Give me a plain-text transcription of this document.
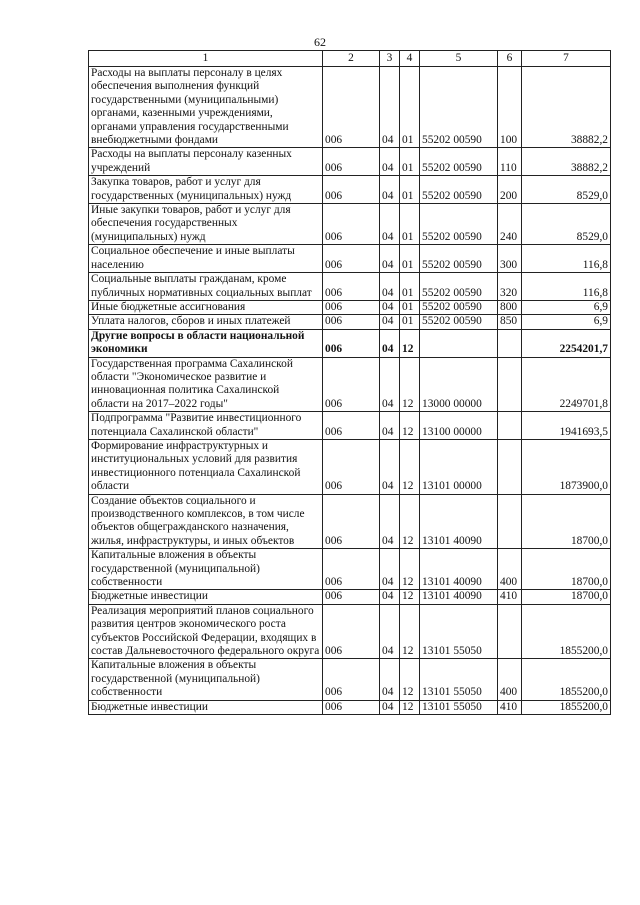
62
1	2	3	4	5	6	7
Расходы на выплаты персоналу в целях обеспечения выполнения функций государственными (муниципальными) органами, казенными учреждениями, органами управления государственными внебюджетными фондами	006	04	01	55202 00590	100	38882,2
Расходы на выплаты персоналу казенных учреждений	006	04	01	55202 00590	110	38882,2
Закупка товаров, работ и услуг для государственных (муниципальных) нужд	006	04	01	55202 00590	200	8529,0
Иные закупки товаров, работ и услуг для обеспечения государственных (муниципальных) нужд	006	04	01	55202 00590	240	8529,0
Социальное обеспечение и иные выплаты населению	006	04	01	55202 00590	300	116,8
Социальные выплаты гражданам, кроме публичных нормативных социальных выплат	006	04	01	55202 00590	320	116,8
Иные бюджетные ассигнования	006	04	01	55202 00590	800	6,9
Уплата налогов, сборов и иных платежей	006	04	01	55202 00590	850	6,9
Другие вопросы в области национальной экономики	006	04	12			2254201,7
Государственная программа Сахалинской области "Экономическое развитие и инновационная политика Сахалинской области на 2017–2022 годы"	006	04	12	13000 00000		2249701,8
Подпрограмма "Развитие инвестиционного потенциала Сахалинской области"	006	04	12	13100 00000		1941693,5
Формирование инфраструктурных и институциональных условий для развития инвестиционного потенциала Сахалинской области	006	04	12	13101 00000		1873900,0
Создание объектов социального и производственного комплексов, в том числе объектов общегражданского назначения, жилья, инфраструктуры, и иных объектов	006	04	12	13101 40090		18700,0
Капитальные вложения в объекты государственной (муниципальной) собственности	006	04	12	13101 40090	400	18700,0
Бюджетные инвестиции	006	04	12	13101 40090	410	18700,0
Реализация мероприятий планов социального развития центров экономического роста субъектов Российской Федерации, входящих в состав Дальневосточного федерального округа	006	04	12	13101 55050		1855200,0
Капитальные вложения в объекты государственной (муниципальной) собственности	006	04	12	13101 55050	400	1855200,0
Бюджетные инвестиции	006	04	12	13101 55050	410	1855200,0
